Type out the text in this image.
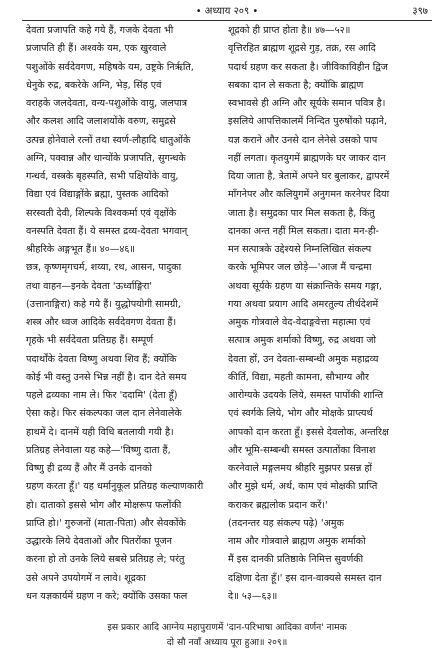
• अध्याय २०९ •	३९७
देवता प्रजापति कहे गये हैं, गजके देवता भी
प्रजापति ही हैं। अश्वके यम, एक खुरवाले
पशुओंके सर्वदेवगण, महिषके यम, उष्ट्रके निर्ऋति,
धेनुके रुद्र, बकरेके अग्नि, भेड़, सिंह एवं
वराहके जलदेवता, वन्य-पशुओंके वायु, जलपात्र
और कलश आदि जलाशयोंके वरुण, समुद्रसे
उत्पन्न होनेवाले रत्नों तथा स्वर्ण-लौहादि धातुओंके
अग्नि, पक्वान्न और धान्योंके प्रजापति, सुगन्धके
गन्धर्व, वस्त्रके बृहस्पति, सभी पक्षियोंके वायु,
विद्या एवं विद्याङ्गोंके ब्रह्मा, पुस्तक आदिको
सरस्वती देवी, शिल्पके विश्वकर्मा एवं वृक्षोंके
वनस्पति देवता हैं। ये समस्त द्रव्य-देवता भगवान्
श्रीहरिके अङ्गभूत हैं॥ ४०—४६॥
छत्र, कृष्णमृगचर्म, शय्या, रथ, आसन, पादुका
तथा वाहन—इनके देवता 'ऊर्ध्वाङ्गिरा'
(उत्तानाङ्गिरा) कहे गये हैं। युद्धोपयोगी सामग्री,
शस्त्र और ध्वज आदिके सर्वदेवगण देवता हैं।
गृहके भी सर्वदेवता प्रतिग्रह हैं। सम्पूर्ण
पदार्थोंके देवता विष्णु अथवा शिव हैं; क्योंकि
कोई भी वस्तु उनसे भिन्न नहीं है। दान देते समय
पहले द्रव्यका नाम ले। फिर 'ददामि' (देता हूँ)
ऐसा कहे। फिर संकल्पका जल दान लेनेवालेके
हाथमें दे। दानमें यही विधि बतलायी गयी है।
प्रतिग्रह लेनेवाला यह कहे—'विष्णु दाता हैं,
विष्णु ही द्रव्य हैं और मैं उनके दानको
ग्रहण करता हूँ।' यह धर्मानुकूल प्रतिग्रह कल्याणकारी
हो। दाताको इससे भोग और मोक्षरूप फलोंकी
प्राप्ति हो।' गुरुजनों (माता-पिता) और सेवकोंके
उद्धारके लिये देवताओं और पितरोंका पूजन
करना हो तो उनके लिये सबसे प्रतिग्रह ले; परंतु
उसे अपने उपयोगमें न लावे। शूद्रका
धन यज्ञकार्यमें ग्रहण न करे; क्योंकि उसका फल
शूद्रको ही प्राप्त होता है॥ ४७—५२॥
वृत्तिरहित ब्राह्मण शूद्रसे गुड़, तक्र, रस आदि
पदार्थ ग्रहण कर सकता है। जीविकाविहीन द्विज
सबका दान ले सकता है; क्योंकि ब्राह्मण
स्वभावसे ही अग्नि और सूर्यके समान पवित्र है।
इसलिये आपत्तिकालमें निन्दित पुरुषोंको पढ़ाने,
यज्ञ कराने और उनसे दान लेनेसे उसको पाप
नहीं लगता। कृतयुगमें ब्राह्मणके घर जाकर दान
दिया जाता है, त्रेतामें अपने घर बुलाकर, द्वापरमें
माँगनेपर और कलियुगमें अनुगमन करनेपर दिया
जाता है। समुद्रका पार मिल सकता है, किंतु
दानका अन्त नहीं मिल सकता। दाता मन-ही-
मन सत्पात्रके उद्देश्यसे निम्नलिखित संकल्प
करके भूमिपर जल छोड़े—'आज मैं चन्द्रमा
अथवा सूर्यके ग्रहण या संक्रान्तिके समय गङ्गा,
गया अथवा प्रयाग आदि अमरतुल्य तीर्थदेशमें
अमुक गोत्रवाले वेद-वेदाङ्गवेत्ता महात्मा एवं
सत्पात्र अमुक शर्माको विष्णु, रुद्र अथवा जो
देवता हों, उन देवता-सम्बन्धी अमुक महाद्रव्य
कीर्ति, विद्या, महती कामना, सौभाग्य और
आरोग्यके उदयके लिये, समस्त पापोंकी शान्ति
एवं स्वर्गके लिये, भोग और मोक्षके प्राप्त्यर्थ
आपको दान करता हूँ। इससे देवलोक, अन्तरिक्ष
और भूमि-सम्बन्धी समस्त उत्पातोंका विनाश
करनेवाले मङ्गलमय श्रीहरि मुझपर प्रसन्न हों
और मुझे धर्म, अर्थ, काम एवं मोक्षकी प्राप्ति
कराकर ब्रह्मलोक प्रदान करें।'
(तदनन्तर यह संकल्प पढ़े) 'अमुक
नाम और गोत्रवाले ब्राह्मण अमुक शर्माको
मैं इस दानकी प्रतिष्ठाके निमित्त सुवर्णकी
दक्षिणा देता हूँ।' इस दान-वाक्यसे समस्त दान
दे॥ ५३—६३॥
इस प्रकार आदि आग्नेय महापुराणमें 'दान-परिभाषा आदिका वर्णन' नामक
दो सौ नवाँ अध्याय पूरा हुआ॥ २०९॥
